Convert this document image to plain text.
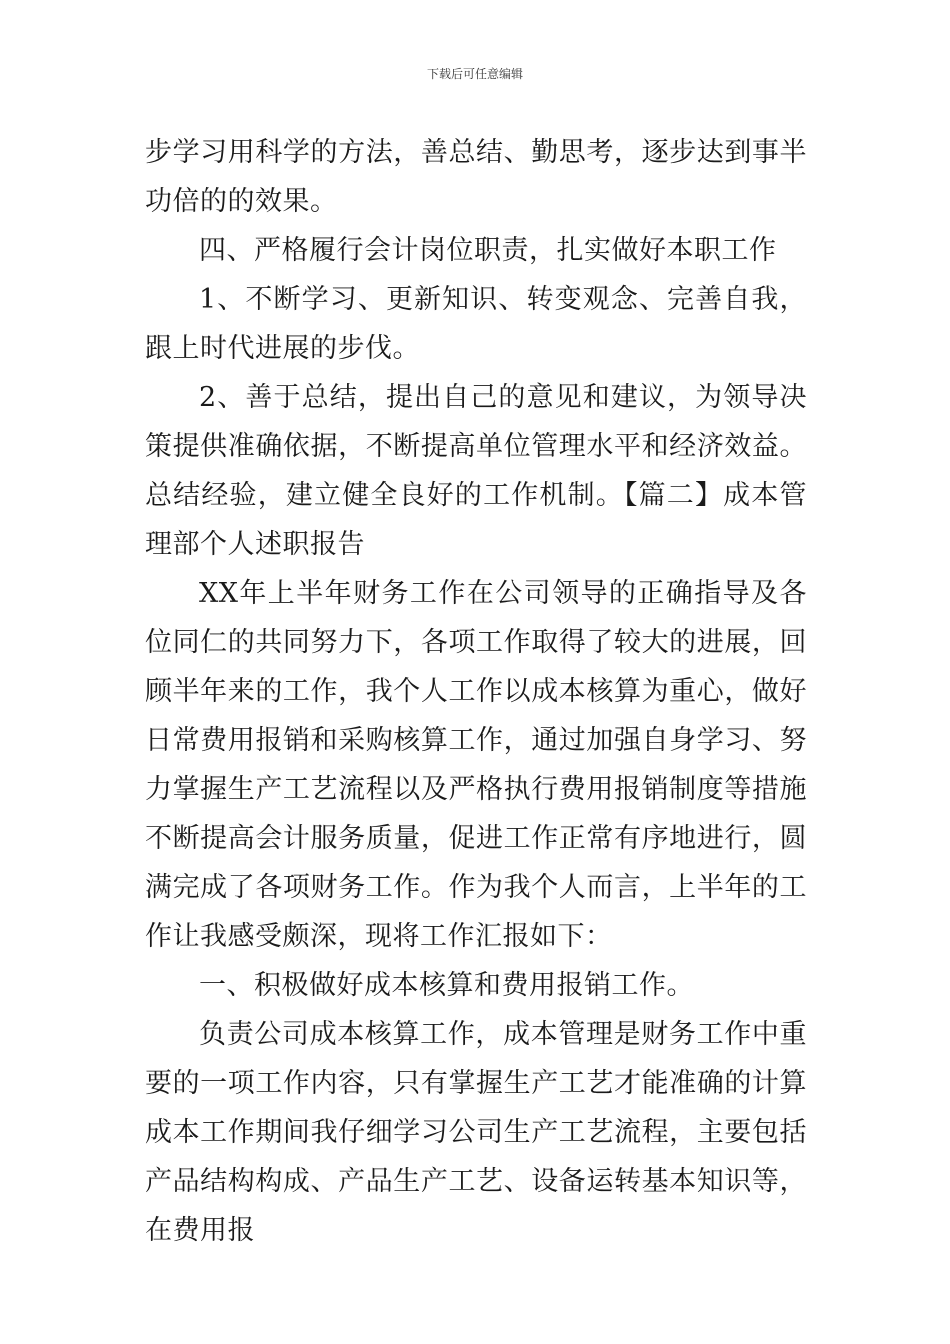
下载后可任意编辑

步学习用科学的方法，善总结、勤思考，逐步达到事半功倍的的效果。

四、严格履行会计岗位职责，扎实做好本职工作

1、不断学习、更新知识、转变观念、完善自我，跟上时代进展的步伐。

2、善于总结，提出自己的意见和建议，为领导决策提供准确依据，不断提高单位管理水平和经济效益。总结经验，建立健全良好的工作机制。【篇二】成本管理部个人述职报告

XX年上半年财务工作在公司领导的正确指导及各位同仁的共同努力下，各项工作取得了较大的进展，回顾半年来的工作，我个人工作以成本核算为重心，做好日常费用报销和采购核算工作，通过加强自身学习、努力掌握生产工艺流程以及严格执行费用报销制度等措施不断提高会计服务质量，促进工作正常有序地进行，圆满完成了各项财务工作。作为我个人而言，上半年的工作让我感受颇深，现将工作汇报如下：

一、积极做好成本核算和费用报销工作。

负责公司成本核算工作，成本管理是财务工作中重要的一项工作内容，只有掌握生产工艺才能准确的计算成本工作期间我仔细学习公司生产工艺流程，主要包括产品结构构成、产品生产工艺、设备运转基本知识等，在费用报
